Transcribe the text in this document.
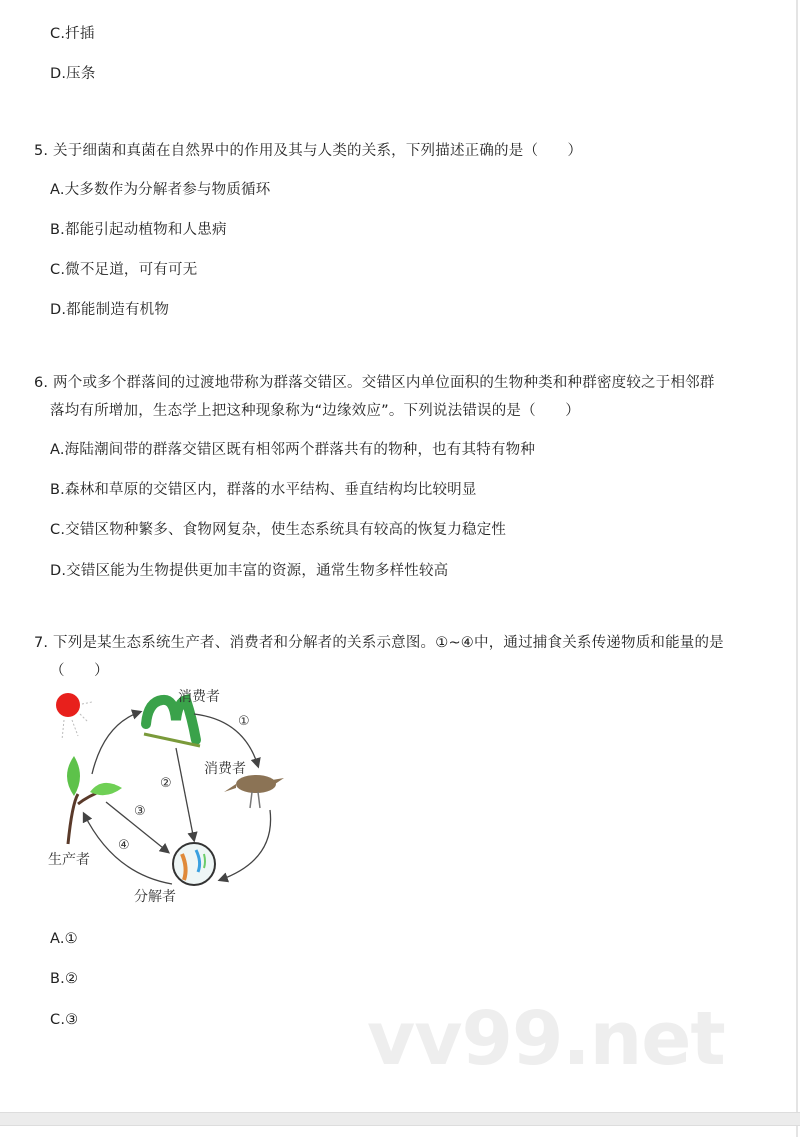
C.扦插
D.压条
5. 关于细菌和真菌在自然界中的作用及其与人类的关系，下列描述正确的是（　　）
A.大多数作为分解者参与物质循环
B.都能引起动植物和人患病
C.微不足道，可有可无
D.都能制造有机物
6. 两个或多个群落间的过渡地带称为群落交错区。交错区内单位面积的生物种类和种群密度较之于相邻群
落均有所增加，生态学上把这种现象称为“边缘效应”。下列说法错误的是（　　）
A.海陆潮间带的群落交错区既有相邻两个群落共有的物种，也有其特有物种
B.森林和草原的交错区内，群落的水平结构、垂直结构均比较明显
C.交错区物种繁多、食物网复杂，使生态系统具有较高的恢复力稳定性
D.交错区能为生物提供更加丰富的资源，通常生物多样性较高
7. 下列是某生态系统生产者、消费者和分解者的关系示意图。①~④中，通过捕食关系传递物质和能量的是
（　　）
消费者
消费者
生产者
分解者
①
②
③
④
A.①
B.②
C.③	vv99.net
